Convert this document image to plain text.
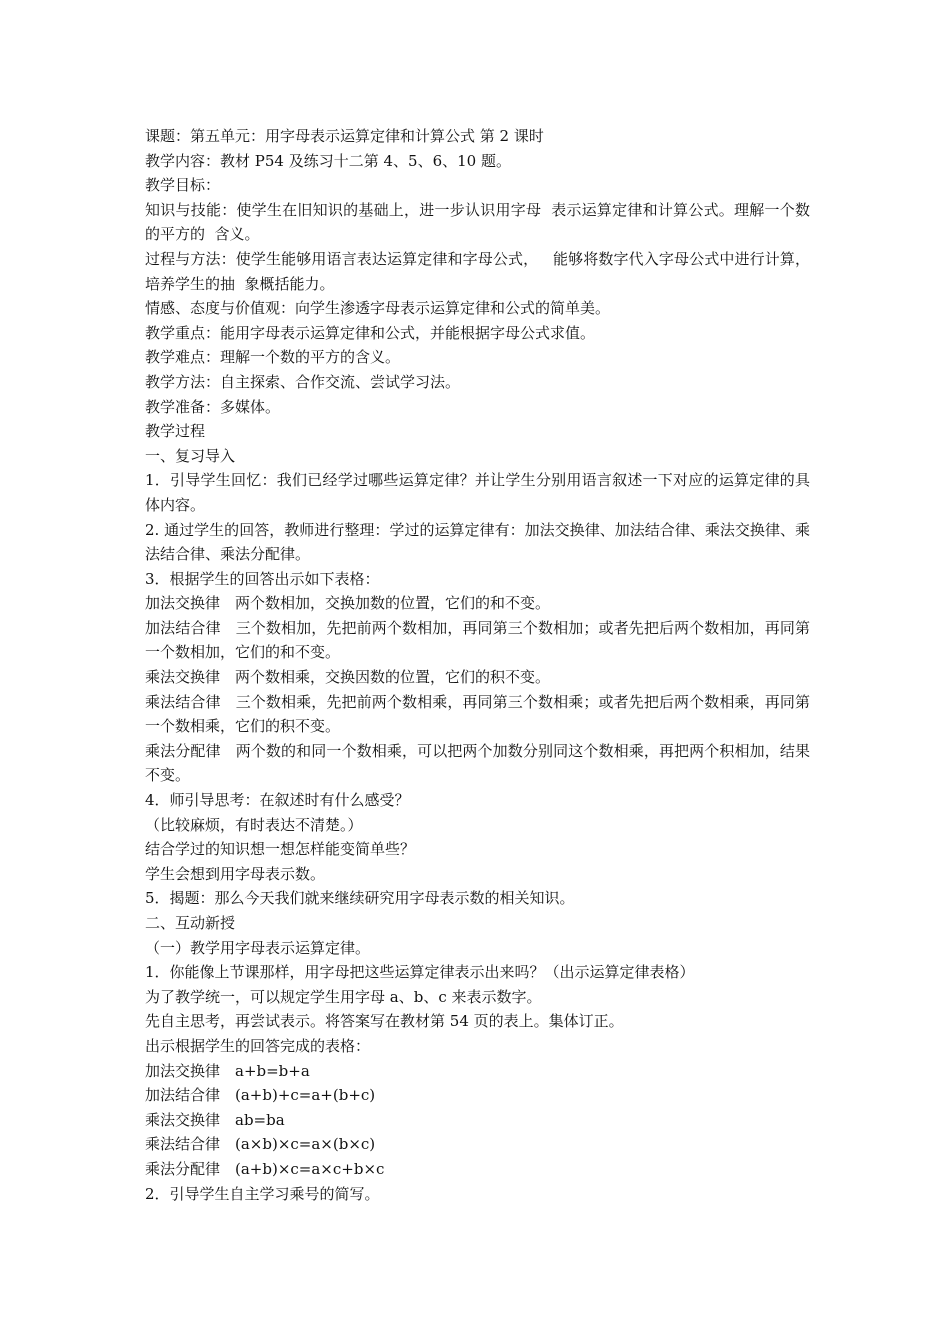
课题：第五单元：用字母表示运算定律和计算公式 第 2 课时

教学内容：教材 P54 及练习十二第 4、5、6、10 题。

教学目标：

知识与技能：使学生在旧知识的基础上，进一步认识用字母  表示运算定律和计算公式。理解一个数的平方的  含义。

过程与方法：使学生能够用语言表达运算定律和字母公式，   能够将数字代入字母公式中进行计算，培养学生的抽  象概括能力。

情感、态度与价值观：向学生渗透字母表示运算定律和公式的简单美。

教学重点：能用字母表示运算定律和公式，并能根据字母公式求值。

教学难点：理解一个数的平方的含义。

教学方法：自主探索、合作交流、尝试学习法。

教学准备：多媒体。

教学过程

一、复习导入

1．引导学生回忆：我们已经学过哪些运算定律？并让学生分别用语言叙述一下对应的运算定律的具体内容。

2. 通过学生的回答，教师进行整理：学过的运算定律有：加法交换律、加法结合律、乘法交换律、乘法结合律、乘法分配律。

3．根据学生的回答出示如下表格：

加法交换律　两个数相加，交换加数的位置，它们的和不变。

加法结合律　三个数相加，先把前两个数相加，再同第三个数相加；或者先把后两个数相加，再同第一个数相加，它们的和不变。

乘法交换律　两个数相乘，交换因数的位置，它们的积不变。

乘法结合律　三个数相乘，先把前两个数相乘，再同第三个数相乘；或者先把后两个数相乘，再同第一个数相乘，它们的积不变。

乘法分配律　两个数的和同一个数相乘，可以把两个加数分别同这个数相乘，再把两个积相加，结果不变。

4．师引导思考：在叙述时有什么感受？

（比较麻烦，有时表达不清楚。）

结合学过的知识想一想怎样能变简单些？

学生会想到用字母表示数。

5．揭题：那么今天我们就来继续研究用字母表示数的相关知识。

二、互动新授

（一）教学用字母表示运算定律。

1．你能像上节课那样，用字母把这些运算定律表示出来吗？（出示运算定律表格）

为了教学统一，可以规定学生用字母 a、b、c 来表示数字。

先自主思考，再尝试表示。将答案写在教材第 54 页的表上。集体订正。

出示根据学生的回答完成的表格：

加法交换律　a+b=b+a

加法结合律　(a+b)+c=a+(b+c)

乘法交换律　ab=ba

乘法结合律　(a×b)×c=a×(b×c)

乘法分配律　(a+b)×c=a×c+b×c

2．引导学生自主学习乘号的简写。
